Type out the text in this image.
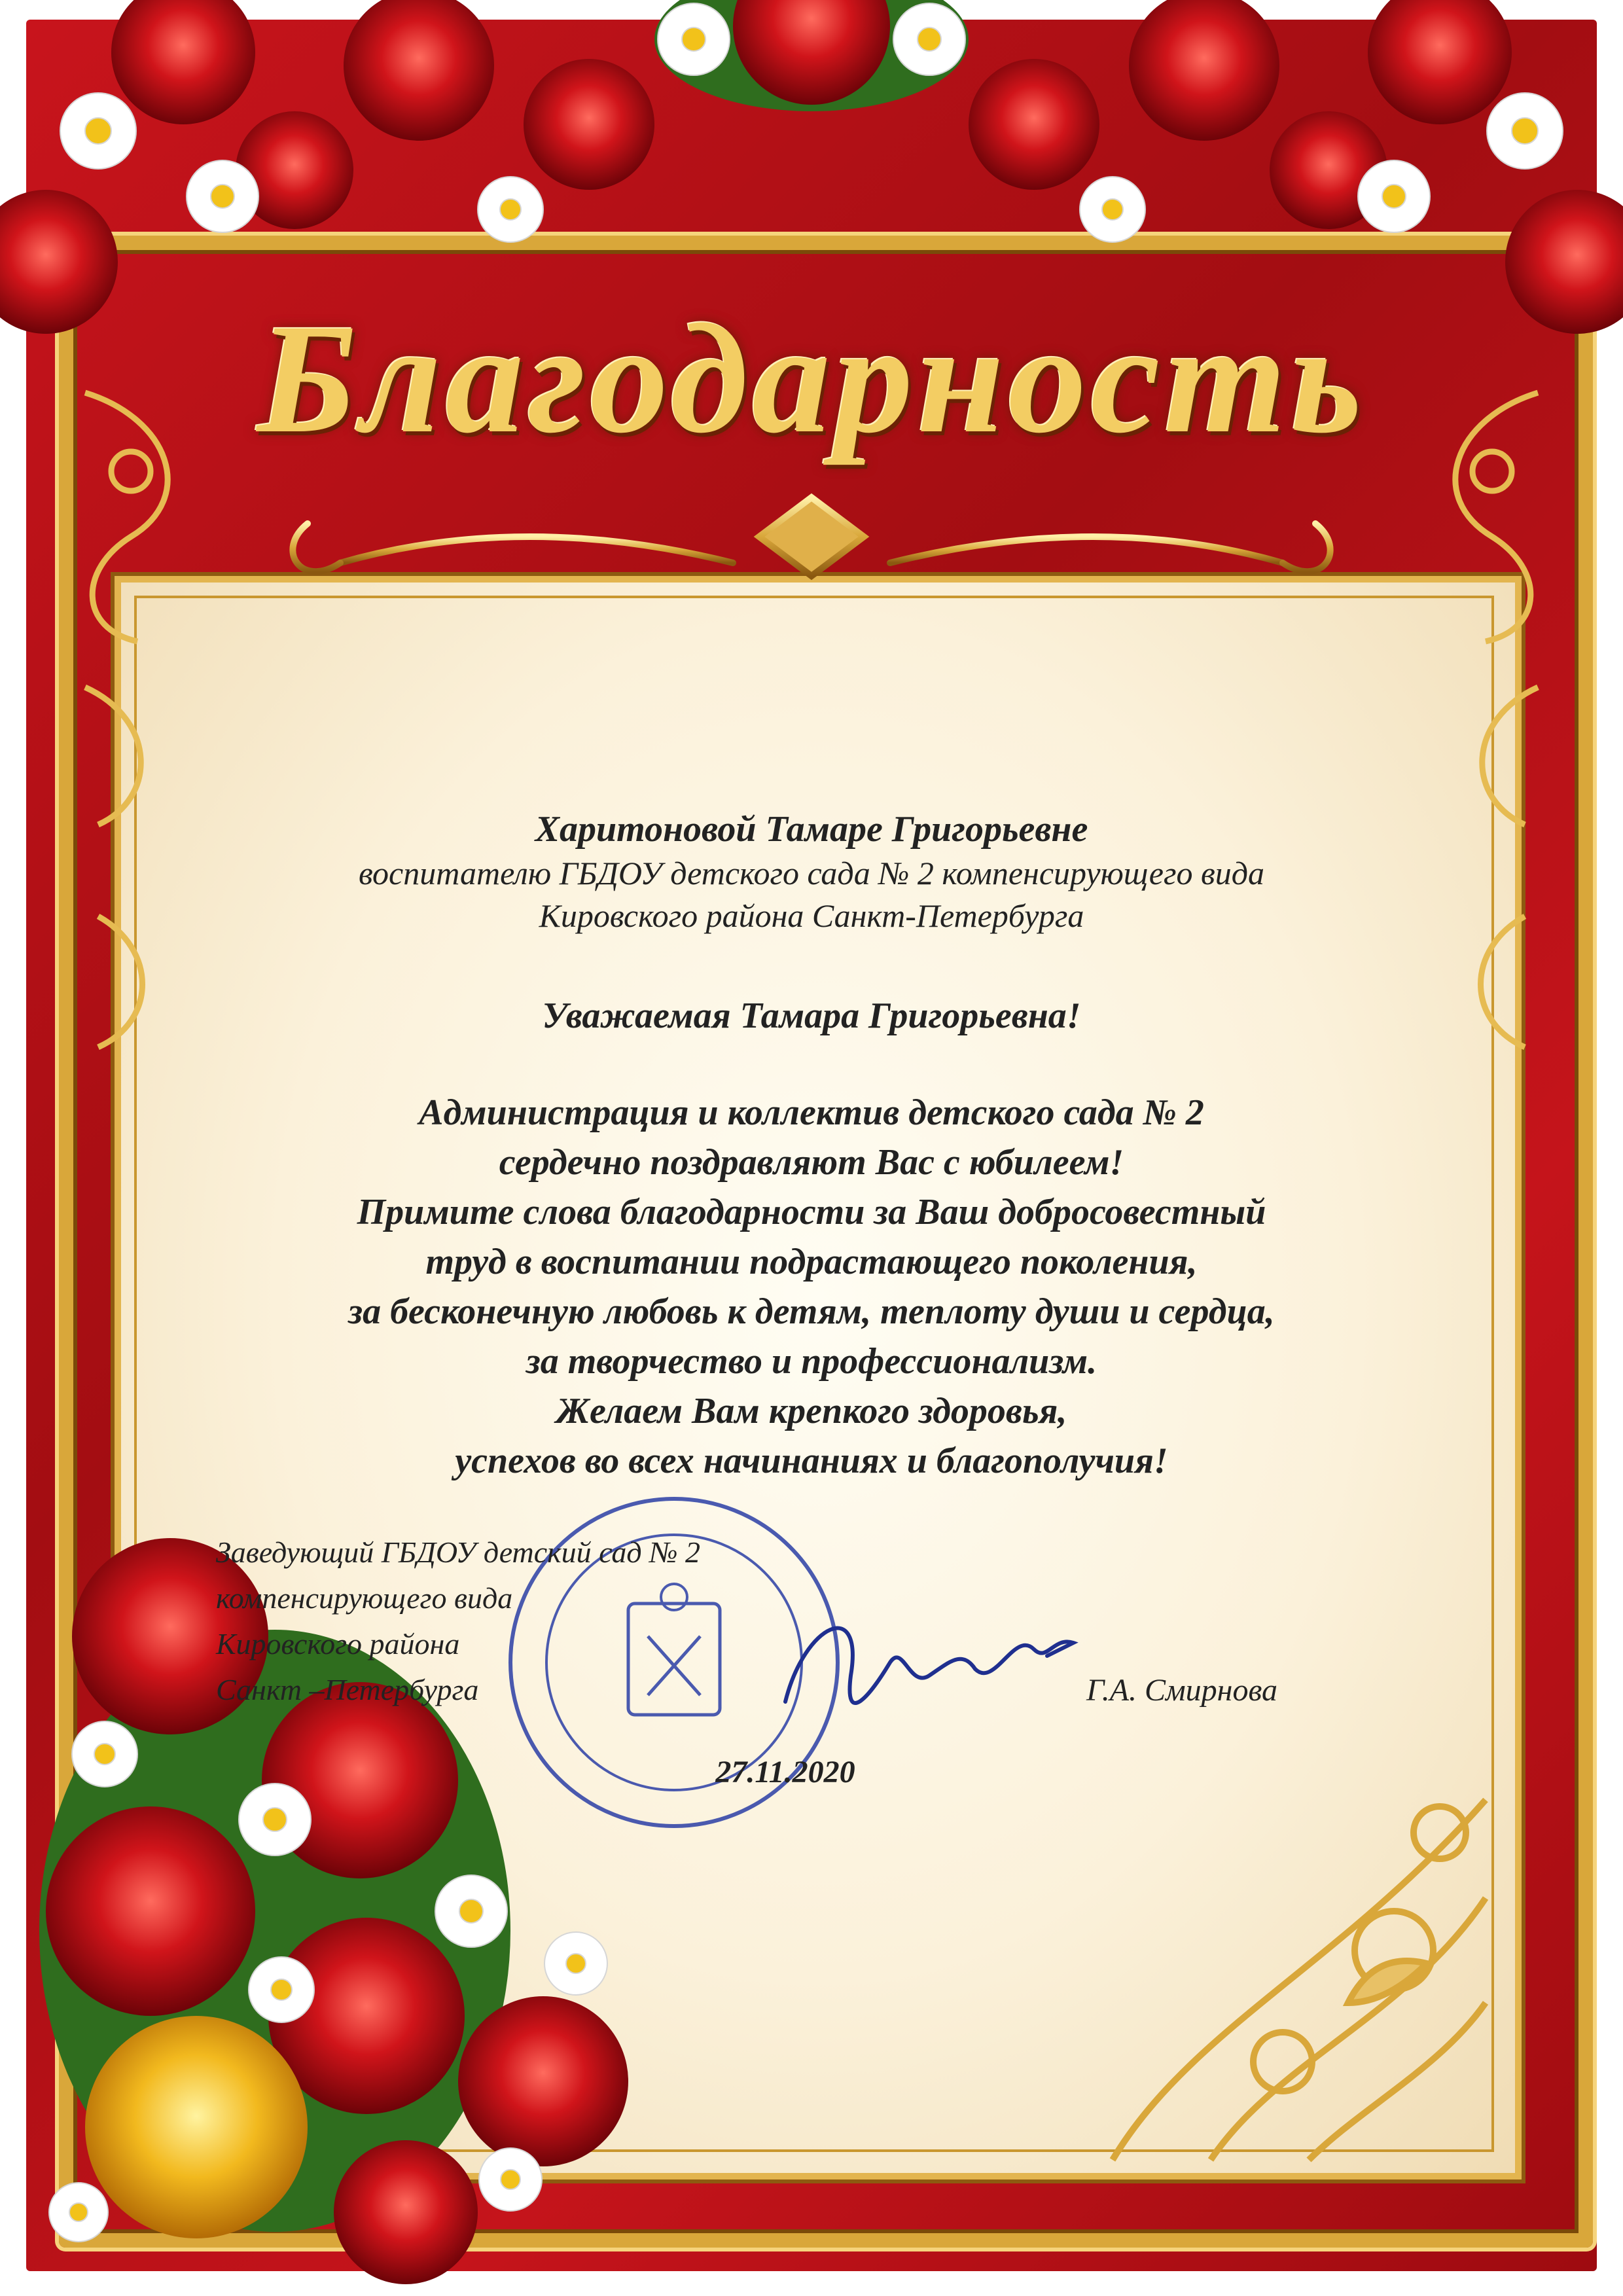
Благодарность
Харитоновой Тамаре Григорьевне
воспитателю ГБДОУ детского сада № 2 компенсирующего вида
Кировского района Санкт-Петербурга
Уважаемая Тамара Григорьевна!
Администрация и коллектив детского сада № 2
сердечно поздравляют Вас с юбилеем!
Примите слова благодарности за Ваш добросовестный
труд в воспитании подрастающего поколения,
за бесконечную любовь к детям, теплоту души и сердца,
за творчество и профессионализм.
Желаем Вам крепкого здоровья,
успехов во всех начинаниях и благополучия!
Заведующий ГБДОУ детский сад № 2
компенсирующего вида
Кировского района
Санкт –Петербурга	Г.А. Смирнова
27.11.2020
